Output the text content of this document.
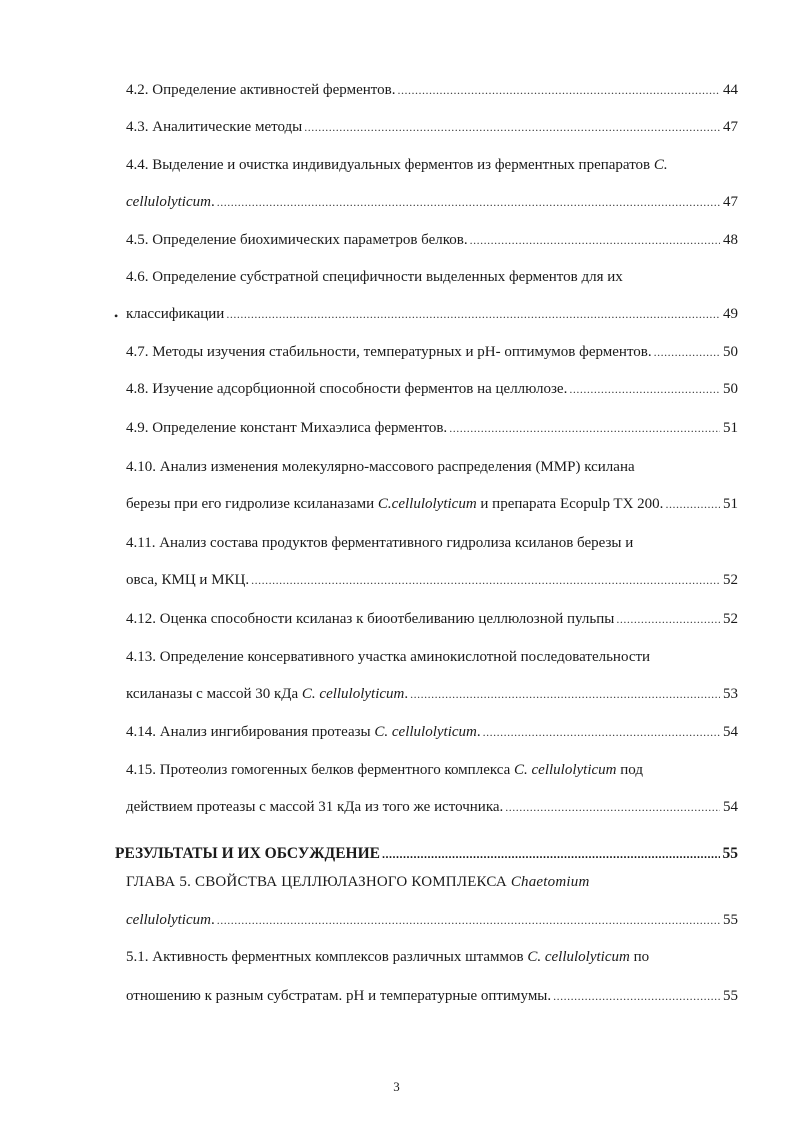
4.2. Определение активностей ферментов. .....	44
4.3. Аналитические методы .....	47
4.4. Выделение и очистка индивидуальных ферментов из ферментных препаратов C.
cellulolyticum. .....	47
4.5. Определение биохимических параметров белков. .....	48
4.6. Определение субстратной специфичности выделенных ферментов для их
классификации .....	49
•
4.7. Методы изучения стабильности, температурных и pH- оптимумов ферментов. .....	50
4.8. Изучение адсорбционной способности ферментов на целлюлозе. .....	50
4.9. Определение констант Михаэлиса ферментов. .....	51
4.10. Анализ изменения молекулярно-массового распределения (ММР) ксилана
березы при его гидролизе ксиланазами C.cellulolyticum и препарата Ecopulp TX 200. .....	51
4.11. Анализ состава продуктов ферментативного гидролиза ксиланов березы и
овса, КМЦ и МКЦ. .....	52
4.12. Оценка способности ксиланаз к биоотбеливанию целлюлозной пульпы .....	52
4.13. Определение консервативного участка аминокислотной последовательности
ксиланазы с массой 30 кДа C. cellulolyticum. .....	53
4.14. Анализ ингибирования протеазы C. cellulolyticum. .....	54
4.15. Протеолиз гомогенных белков ферментного комплекса C. cellulolyticum под
действием протеазы с массой 31 кДа из того же источника. .....	54
РЕЗУЛЬТАТЫ И ИХ ОБСУЖДЕНИЕ .....	55
ГЛАВА 5. СВОЙСТВА ЦЕЛЛЮЛАЗНОГО КОМПЛЕКСА Chaetomium
cellulolyticum. .....	55
5.1. Активность ферментных комплексов различных штаммов C. cellulolyticum по
отношению к разным субстратам. pH и температурные оптимумы. .....	55
3
